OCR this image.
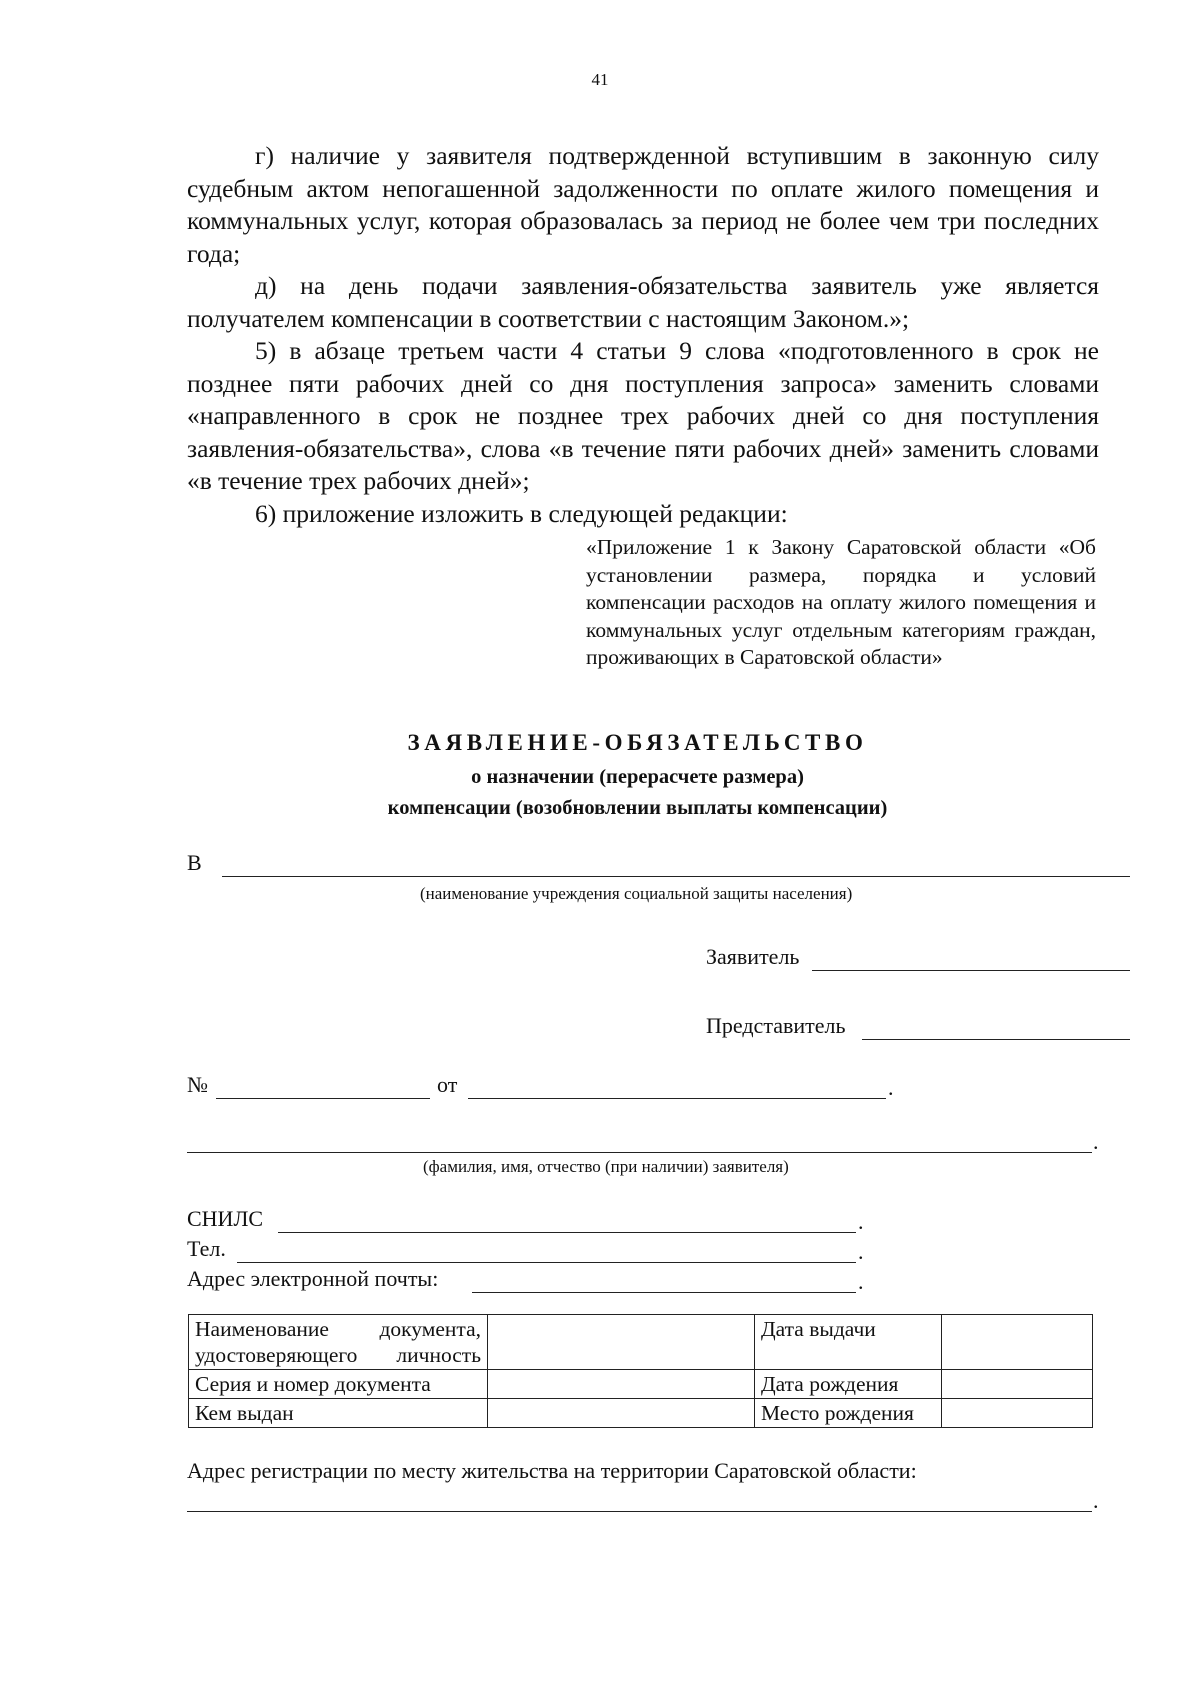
41

г) наличие у заявителя подтвержденной вступившим в законную силу судебным актом непогашенной задолженности по оплате жилого помещения и коммунальных услуг, которая образовалась за период не более чем три последних года;

д) на день подачи заявления-обязательства заявитель уже является получателем компенсации в соответствии с настоящим Законом.»;

5) в абзаце третьем части 4 статьи 9 слова «подготовленного в срок не позднее пяти рабочих дней со дня поступления запроса» заменить словами «направленного в срок не позднее трех рабочих дней со дня поступления заявления-обязательства», слова «в течение пяти рабочих дней» заменить словами «в течение трех рабочих дней»;

6) приложение изложить в следующей редакции:

«Приложение 1 к Закону Саратовской области «Об установлении размера, порядка и условий компенсации расходов на оплату жилого помещения и коммунальных услуг отдельным категориям граждан, проживающих в Саратовской области»
ЗАЯВЛЕНИЕ-ОБЯЗАТЕЛЬСТВО
о назначении (перерасчете размера)
компенсации (возобновлении выплаты компенсации)
В
(наименование учреждения социальной защиты населения)
Заявитель
Представитель
№	от	.
.
(фамилия, имя, отчество (при наличии) заявителя)
СНИЛС	.
Тел.	.
Адрес электронной почты:	.
Наименование документа,
удостоверяющего личность		Дата выдачи	
Серия и номер документа		Дата рождения	
Кем выдан		Место рождения	
Адрес регистрации по месту жительства на территории Саратовской области:
.
